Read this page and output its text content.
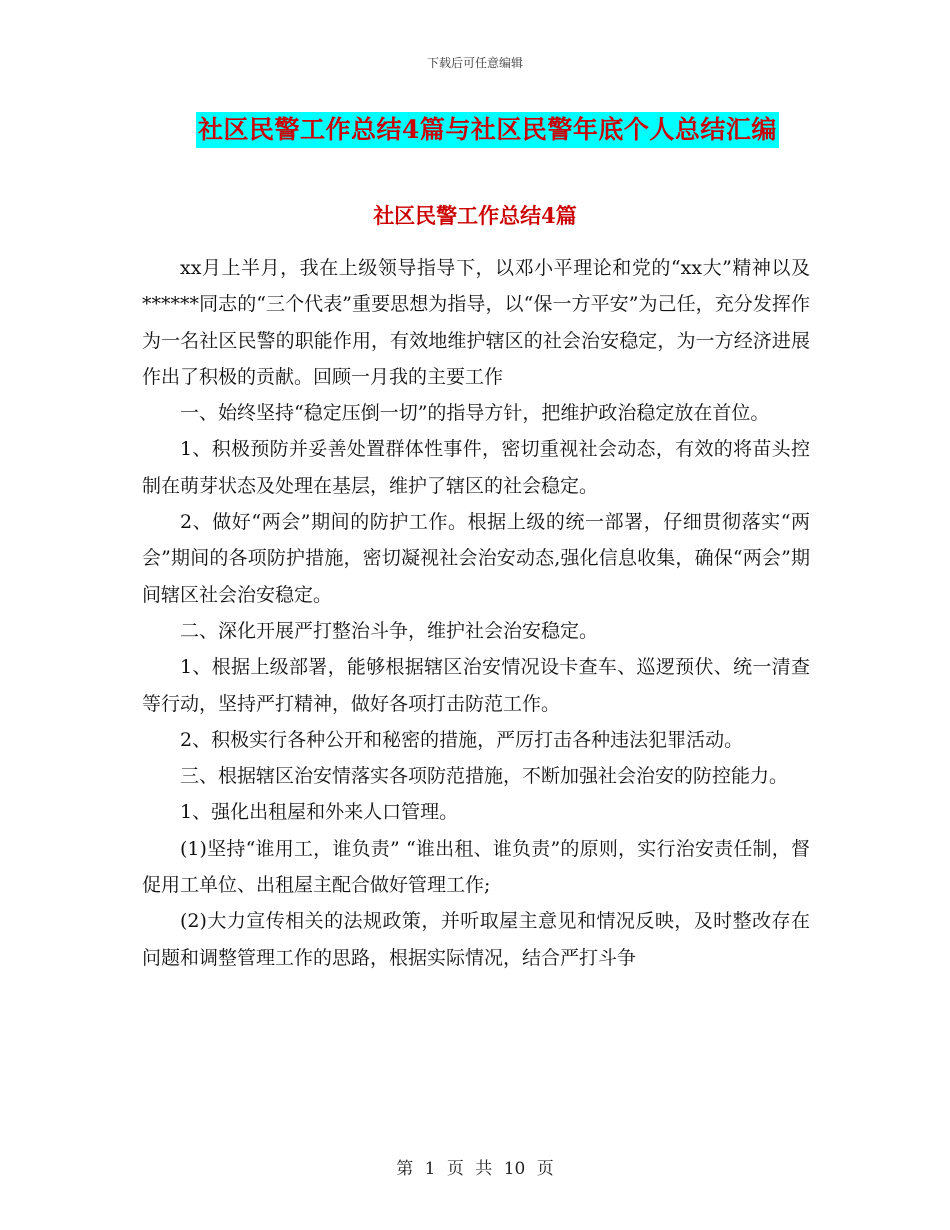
下载后可任意编辑
社区民警工作总结4篇与社区民警年底个人总结汇编
社区民警工作总结4篇

xx月上半月，我在上级领导指导下，以邓小平理论和党的“xx大”精神以及******同志的“三个代表”重要思想为指导，以“保一方平安”为己任，充分发挥作为一名社区民警的职能作用，有效地维护辖区的社会治安稳定，为一方经济进展作出了积极的贡献。回顾一月我的主要工作

一、始终坚持“稳定压倒一切”的指导方针，把维护政治稳定放在首位。

1、积极预防并妥善处置群体性事件，密切重视社会动态，有效的将苗头控制在萌芽状态及处理在基层，维护了辖区的社会稳定。

2、做好“两会”期间的防护工作。根据上级的统一部署，仔细贯彻落实“两会”期间的各项防护措施，密切凝视社会治安动态,强化信息收集，确保“两会”期间辖区社会治安稳定。

二、深化开展严打整治斗争，维护社会治安稳定。

1、根据上级部署，能够根据辖区治安情况设卡查车、巡逻预伏、统一清查等行动，坚持严打精神，做好各项打击防范工作。

2、积极实行各种公开和秘密的措施，严厉打击各种违法犯罪活动。

三、根据辖区治安情落实各项防范措施，不断加强社会治安的防控能力。

1、强化出租屋和外来人口管理。

(1)坚持“谁用工，谁负责” “谁出租、谁负责”的原则，实行治安责任制，督促用工单位、出租屋主配合做好管理工作;

(2)大力宣传相关的法规政策，并听取屋主意见和情况反映，及时整改存在问题和调整管理工作的思路，根据实际情况，结合严打斗争

第 1 页 共 10 页
